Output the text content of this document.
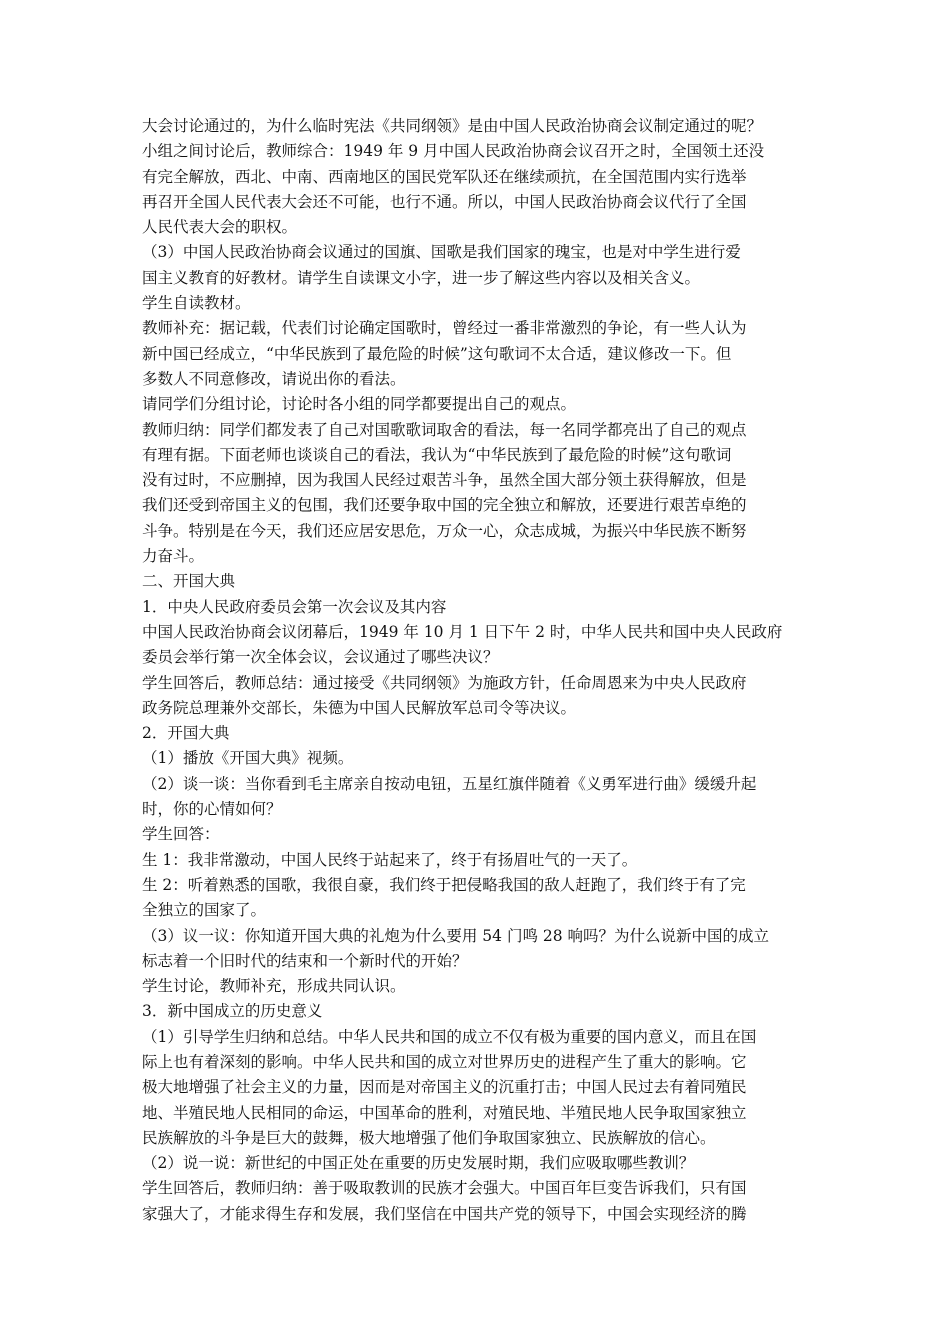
大会讨论通过的，为什么临时宪法《共同纲领》是由中国人民政治协商会议制定通过的呢？
小组之间讨论后，教师综合：1949 年 9 月中国人民政治协商会议召开之时，全国领土还没
有完全解放，西北、中南、西南地区的国民党军队还在继续顽抗，在全国范围内实行选举
再召开全国人民代表大会还不可能，也行不通。所以，中国人民政治协商会议代行了全国
人民代表大会的职权。
（3）中国人民政治协商会议通过的国旗、国歌是我们国家的瑰宝，也是对中学生进行爱
国主义教育的好教材。请学生自读课文小字，进一步了解这些内容以及相关含义。
学生自读教材。
教师补充：据记载，代表们讨论确定国歌时，曾经过一番非常激烈的争论，有一些人认为
新中国已经成立，“中华民族到了最危险的时候”这句歌词不太合适，建议修改一下。但
多数人不同意修改，请说出你的看法。
请同学们分组讨论，讨论时各小组的同学都要提出自己的观点。
教师归纳：同学们都发表了自己对国歌歌词取舍的看法，每一名同学都亮出了自己的观点
有理有据。下面老师也谈谈自己的看法，我认为“中华民族到了最危险的时候”这句歌词
没有过时，不应删掉，因为我国人民经过艰苦斗争，虽然全国大部分领土获得解放，但是
我们还受到帝国主义的包围，我们还要争取中国的完全独立和解放，还要进行艰苦卓绝的
斗争。特别是在今天，我们还应居安思危，万众一心，众志成城，为振兴中华民族不断努
力奋斗。
二、开国大典
1．中央人民政府委员会第一次会议及其内容
中国人民政治协商会议闭幕后，1949 年 10 月 1 日下午 2 时，中华人民共和国中央人民政府
委员会举行第一次全体会议，会议通过了哪些决议？
学生回答后，教师总结：通过接受《共同纲领》为施政方针，任命周恩来为中央人民政府
政务院总理兼外交部长，朱德为中国人民解放军总司令等决议。
2．开国大典
（1）播放《开国大典》视频。
（2）谈一谈：当你看到毛主席亲自按动电钮，五星红旗伴随着《义勇军进行曲》缓缓升起
时，你的心情如何？
学生回答：
生 1：我非常激动，中国人民终于站起来了，终于有扬眉吐气的一天了。
生 2：听着熟悉的国歌，我很自豪，我们终于把侵略我国的敌人赶跑了，我们终于有了完
全独立的国家了。
（3）议一议：你知道开国大典的礼炮为什么要用 54 门鸣 28 响吗？为什么说新中国的成立
标志着一个旧时代的结束和一个新时代的开始？
学生讨论，教师补充，形成共同认识。
3．新中国成立的历史意义
（1）引导学生归纳和总结。中华人民共和国的成立不仅有极为重要的国内意义，而且在国
际上也有着深刻的影响。中华人民共和国的成立对世界历史的进程产生了重大的影响。它
极大地增强了社会主义的力量，因而是对帝国主义的沉重打击；中国人民过去有着同殖民
地、半殖民地人民相同的命运，中国革命的胜利，对殖民地、半殖民地人民争取国家独立
民族解放的斗争是巨大的鼓舞，极大地增强了他们争取国家独立、民族解放的信心。
（2）说一说：新世纪的中国正处在重要的历史发展时期，我们应吸取哪些教训？
学生回答后，教师归纳：善于吸取教训的民族才会强大。中国百年巨变告诉我们，只有国
家强大了，才能求得生存和发展，我们坚信在中国共产党的领导下，中国会实现经济的腾
